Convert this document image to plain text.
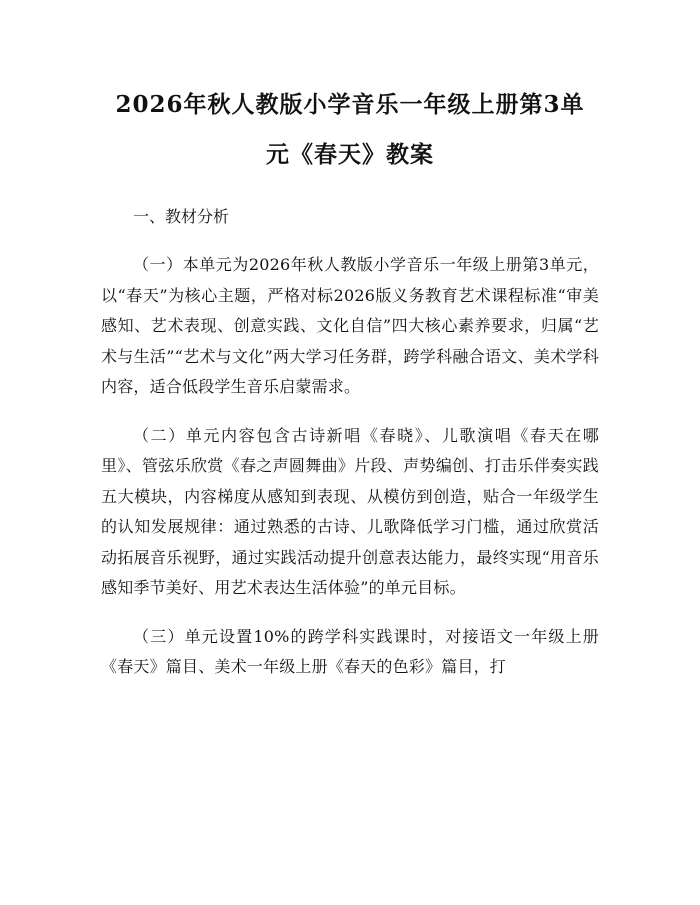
2026年秋人教版小学音乐一年级上册第3单
元《春天》教案

一、教材分析

（一）本单元为2026年秋人教版小学音乐一年级上册第3单元，以“春天”为核心主题，严格对标2026版义务教育艺术课程标准“审美感知、艺术表现、创意实践、文化自信”四大核心素养要求，归属“艺术与生活”“艺术与文化”两大学习任务群，跨学科融合语文、美术学科内容，适合低段学生音乐启蒙需求。

（二）单元内容包含古诗新唱《春晓》、儿歌演唱《春天在哪里》、管弦乐欣赏《春之声圆舞曲》片段、声势编创、打击乐伴奏实践五大模块，内容梯度从感知到表现、从模仿到创造，贴合一年级学生的认知发展规律：通过熟悉的古诗、儿歌降低学习门槛，通过欣赏活动拓展音乐视野，通过实践活动提升创意表达能力，最终实现“用音乐感知季节美好、用艺术表达生活体验”的单元目标。

（三）单元设置10%的跨学科实践课时，对接语文一年级上册《春天》篇目、美术一年级上册《春天的色彩》篇目，打
